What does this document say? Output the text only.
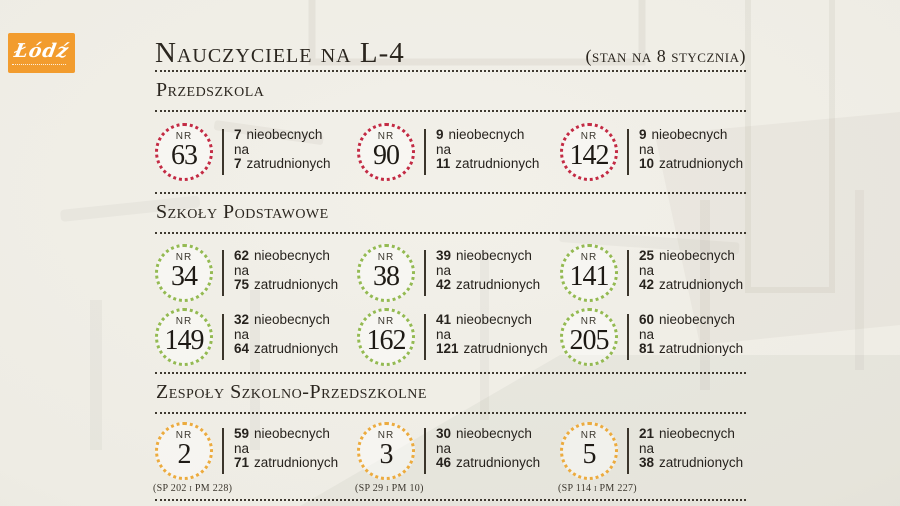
Łódź	Nauczyciele na L-4	(stan na 8 stycznia)
Przedszkola
NR
63
7 nieobecnych
na
7 zatrudnionych
NR
90
9 nieobecnych
na
11 zatrudnionych
NR
142
9 nieobecnych
na
10 zatrudnionych
Szkoły Podstawowe
NR
34
62 nieobecnych
na
75 zatrudnionych
NR
38
39 nieobecnych
na
42 zatrudnionych
NR
141
25 nieobecnych
na
42 zatrudnionych
NR
149
32 nieobecnych
na
64 zatrudnionych
NR
162
41 nieobecnych
na
121 zatrudnionych
NR
205
60 nieobecnych
na
81 zatrudnionych
Zespoły Szkolno-Przedszkolne
NR
2
(SP 202 i PM 228)
59 nieobecnych
na
71 zatrudnionych
NR
3
(SP 29 i PM 10)
30 nieobecnych
na
46 zatrudnionych
NR
5
(SP 114 i PM 227)
21 nieobecnych
na
38 zatrudnionych
